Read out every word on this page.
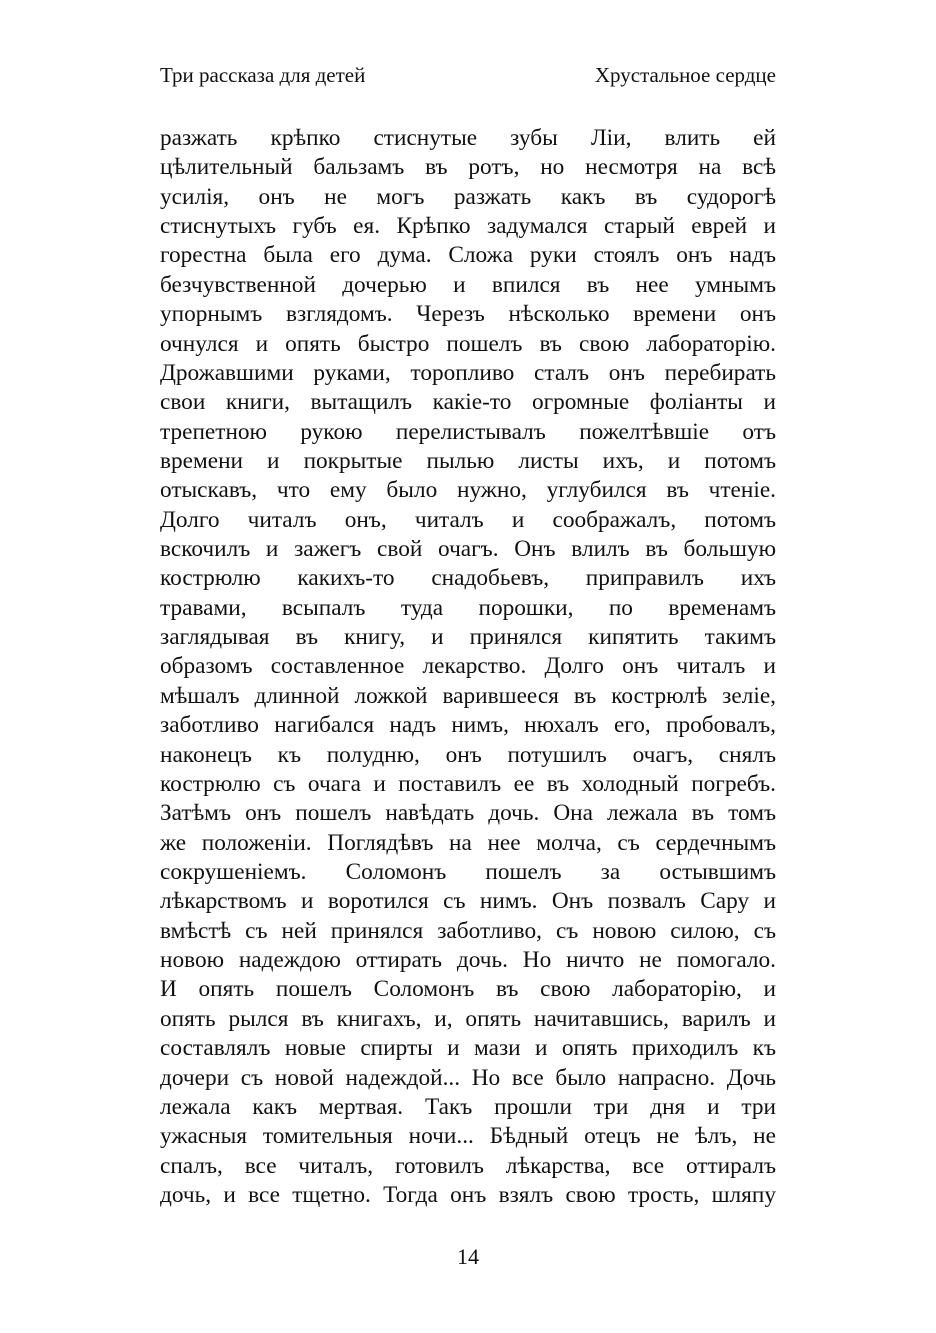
Три рассказа для детей	Хрустальное сердце
разжать крѣпко стиснутые зубы Ліи, влить ей
цѣлительный бальзамъ въ ротъ, но несмотря на всѣ
усилія, онъ не могъ разжать какъ въ судорогѣ
стиснутыхъ губъ ея. Крѣпко задумался старый еврей и
горестна была его дума. Сложа руки стоялъ онъ надъ
безчувственной дочерью и впился въ нее умнымъ
упорнымъ взглядомъ. Черезъ нѣсколько времени онъ
очнулся и опять быстро пошелъ въ свою лабораторію.
Дрожавшими руками, торопливо сталъ онъ перебирать
свои книги, вытащилъ какіе-то огромные фоліанты и
трепетною рукою перелистывалъ пожелтѣвшіе отъ
времени и покрытые пылью листы ихъ, и потомъ
отыскавъ, что ему было нужно, углубился въ чтеніе.
Долго читалъ онъ, читалъ и соображалъ, потомъ
вскочилъ и зажегъ свой очагъ. Онъ влилъ въ большую
кострюлю какихъ-то снадобьевъ, приправилъ ихъ
травами, всыпалъ туда порошки, по временамъ
заглядывая въ книгу, и принялся кипятить такимъ
образомъ составленное лекарство. Долго онъ читалъ и
мѣшалъ длинной ложкой варившееся въ кострюлѣ зеліе,
заботливо нагибался надъ нимъ, нюхалъ его, пробовалъ,
наконецъ къ полудню, онъ потушилъ очагъ, снялъ
кострюлю съ очага и поставилъ ее въ холодный погребъ.
Затѣмъ онъ пошелъ навѣдать дочь. Она лежала въ томъ
же положеніи. Поглядѣвъ на нее молча, съ сердечнымъ
сокрушеніемъ. Соломонъ пошелъ за остывшимъ
лѣкарствомъ и воротился съ нимъ. Онъ позвалъ Сару и
вмѣстѣ съ ней принялся заботливо, съ новою силою, съ
новою надеждою оттирать дочь. Но ничто не помогало.
И опять пошелъ Соломонъ въ свою лабораторію, и
опять рылся въ книгахъ, и, опять начитавшись, варилъ и
составлялъ новые спирты и мази и опять приходилъ къ
дочери съ новой надеждой... Но все было напрасно. Дочь
лежала какъ мертвая. Такъ прошли три дня и три
ужасныя томительныя ночи... Бѣдный отецъ не ѣлъ, не
спалъ, все читалъ, готовилъ лѣкарства, все оттиралъ
дочь, и все тщетно. Тогда онъ взялъ свою трость, шляпу
14
